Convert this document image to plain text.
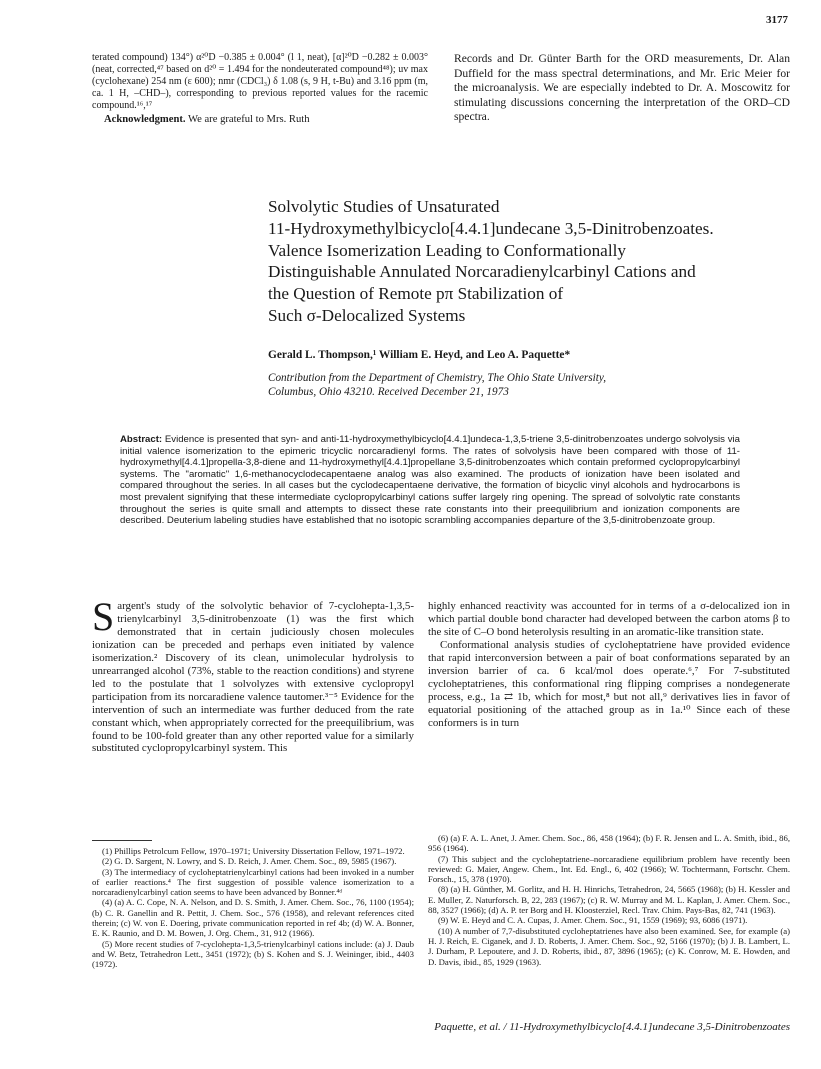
3177

terated compound) 134°) α²⁰D −0.385 ± 0.004° (l 1, neat), [α]²⁰D −0.282 ± 0.003° (neat, corrected,⁴⁷ based on d²⁰ = 1.494 for the nondeuterated compound⁴⁸); uv max (cyclohexane) 254 nm (ε 600); nmr (CDCl₃) δ 1.08 (s, 9 H, t-Bu) and 3.16 ppm (m, ca. 1 H, –CHD–), corresponding to previous reported values for the racemic compound.¹⁶,¹⁷

Acknowledgment. We are grateful to Mrs. Ruth

Records and Dr. Günter Barth for the ORD measurements, Dr. Alan Duffield for the mass spectral determinations, and Mr. Eric Meier for the microanalysis. We are especially indebted to Dr. A. Moscowitz for stimulating discussions concerning the interpretation of the ORD–CD spectra.

Solvolytic Studies of Unsaturated
11-Hydroxymethylbicyclo[4.4.1]undecane 3,5-Dinitrobenzoates.
Valence Isomerization Leading to Conformationally
Distinguishable Annulated Norcaradienylcarbinyl Cations and
the Question of Remote pπ Stabilization of
Such σ-Delocalized Systems
Gerald L. Thompson,¹ William E. Heyd, and Leo A. Paquette*
Contribution from the Department of Chemistry, The Ohio State University,
Columbus, Ohio 43210. Received December 21, 1973
Abstract: Evidence is presented that syn- and anti-11-hydroxymethylbicyclo[4.4.1]undeca-1,3,5-triene 3,5-dinitrobenzoates undergo solvolysis via initial valence isomerization to the epimeric tricyclic norcaradienyl forms. The rates of solvolysis have been compared with those of 11-hydroxymethyl[4.4.1]propella-3,8-diene and 11-hydroxymethyl[4.4.1]propellane 3,5-dinitrobenzoates which contain preformed cyclopropylcarbinyl systems. The "aromatic" 1,6-methanocyclodecapentaene analog was also examined. The products of ionization have been isolated and compared throughout the series. In all cases but the cyclodecapentaene derivative, the formation of bicyclic vinyl alcohols and hydrocarbons is most prevalent signifying that these intermediate cyclopropylcarbinyl cations suffer largely ring opening. The spread of solvolytic rate constants throughout the series is quite small and attempts to dissect these rate constants into their preequilibrium and ionization components are described. Deuterium labeling studies have established that no isotopic scrambling accompanies departure of the 3,5-dinitrobenzoate group.
S argent's study of the solvolytic behavior of 7-cyclohepta-1,3,5-trienylcarbinyl 3,5-dinitrobenzoate (1) was the first which demonstrated that in certain judiciously chosen molecules ionization can be preceded and perhaps even initiated by valence isomerization.² Discovery of its clean, unimolecular hydrolysis to unrearranged alcohol (73%, stable to the reaction conditions) and styrene led to the postulate that 1 solvolyzes with extensive cyclopropyl participation from its norcaradiene valence tautomer.³⁻⁵ Evidence for the intervention of such an intermediate was further deduced from the rate constant which, when appropriately corrected for the preequilibrium, was found to be 100-fold greater than any other reported value for a similarly substituted cyclopropylcarbinyl system. This

highly enhanced reactivity was accounted for in terms of a σ-delocalized ion in which partial double bond character had developed between the carbon atoms β to the site of C–O bond heterolysis resulting in an aromatic-like transition state.

Conformational analysis studies of cycloheptatriene have provided evidence that rapid interconversion between a pair of boat conformations separated by an inversion barrier of ca. 6 kcal/mol does operate.⁶,⁷ For 7-substituted cycloheptatrienes, this conformational ring flipping comprises a nondegenerate process, e.g., 1a ⇄ 1b, which for most,⁸ but not all,⁹ derivatives lies in favor of equatorial positioning of the attached group as in 1a.¹⁰ Since each of these conformers is in turn

(1) Phillips Petrolcum Fellow, 1970–1971; University Dissertation Fellow, 1971–1972.

(2) G. D. Sargent, N. Lowry, and S. D. Reich, J. Amer. Chem. Soc., 89, 5985 (1967).

(3) The intermediacy of cycloheptatrienylcarbinyl cations had been invoked in a number of earlier reactions.⁴ The first suggestion of possible valence isomerization to a norcaradienylcarbinyl cation seems to have been advanced by Bonner.⁴ᵈ

(4) (a) A. C. Cope, N. A. Nelson, and D. S. Smith, J. Amer. Chem. Soc., 76, 1100 (1954); (b) C. R. Ganellin and R. Pettit, J. Chem. Soc., 576 (1958), and relevant references cited therein; (c) W. von E. Doering, private communication reported in ref 4b; (d) W. A. Bonner, E. K. Raunio, and D. M. Bowen, J. Org. Chem., 31, 912 (1966).

(5) More recent studies of 7-cyclohepta-1,3,5-trienylcarbinyl cations include: (a) J. Daub and W. Betz, Tetrahedron Lett., 3451 (1972); (b) S. Kohen and S. J. Weininger, ibid., 4403 (1972).

(6) (a) F. A. L. Anet, J. Amer. Chem. Soc., 86, 458 (1964); (b) F. R. Jensen and L. A. Smith, ibid., 86, 956 (1964).

(7) This subject and the cycloheptatriene–norcaradiene equilibrium problem have recently been reviewed: G. Maier, Angew. Chem., Int. Ed. Engl., 6, 402 (1966); W. Tochtermann, Fortschr. Chem. Forsch., 15, 378 (1970).

(8) (a) H. Günther, M. Gorlitz, and H. H. Hinrichs, Tetrahedron, 24, 5665 (1968); (b) H. Kessler and E. Muller, Z. Naturforsch. B, 22, 283 (1967); (c) R. W. Murray and M. L. Kaplan, J. Amer. Chem. Soc., 88, 3527 (1966); (d) A. P. ter Borg and H. Kloosterziel, Recl. Trav. Chim. Pays-Bas, 82, 741 (1963).

(9) W. E. Heyd and C. A. Cupas, J. Amer. Chem. Soc., 91, 1559 (1969); 93, 6086 (1971).

(10) A number of 7,7-disubstituted cycloheptatrienes have also been examined. See, for example (a) H. J. Reich, E. Ciganek, and J. D. Roberts, J. Amer. Chem. Soc., 92, 5166 (1970); (b) J. B. Lambert, L. J. Durham, P. Lepoutere, and J. D. Roberts, ibid., 87, 3896 (1965); (c) K. Conrow, M. E. Howden, and D. Davis, ibid., 85, 1929 (1963).

Paquette, et al. / 11-Hydroxymethylbicyclo[4.4.1]undecane 3,5-Dinitrobenzoates
